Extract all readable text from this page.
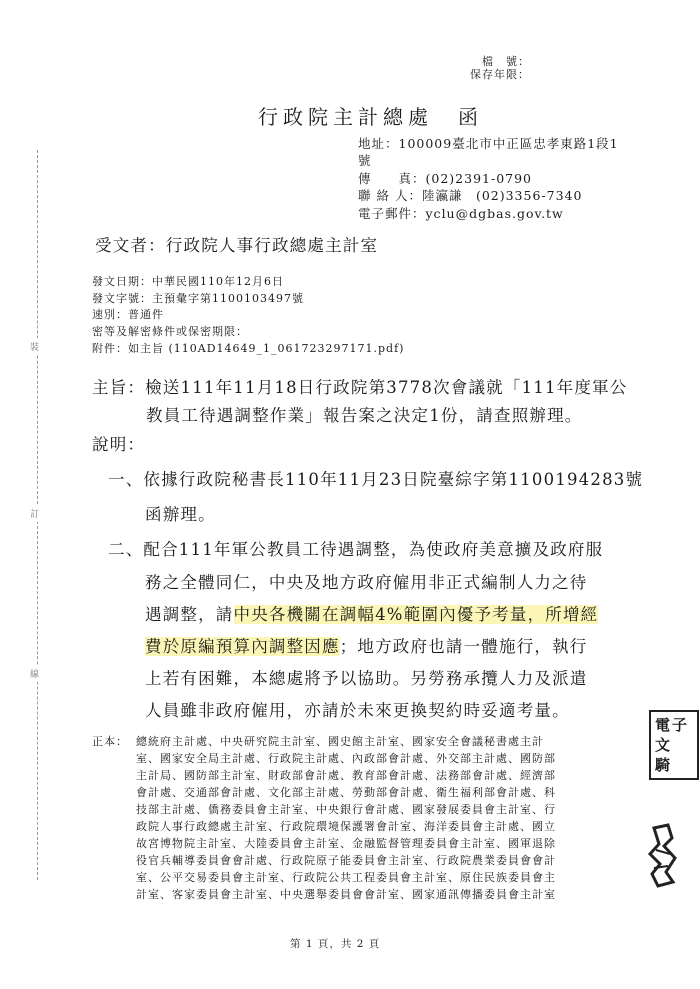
裝
訂
線
檔　號：
保存年限：
行政院主計總處　函
地址：100009臺北市中正區忠孝東路1段1
號
傳　　真：(02)2391-0790
聯 絡 人：陸瀛謙　(02)3356-7340
電子郵件：yclu@dgbas.gov.tw
受文者：行政院人事行政總處主計室
發文日期：中華民國110年12月6日
發文字號：主預彙字第1100103497號
速別：普通件
密等及解密條件或保密期限：
附件：如主旨 (110AD14649_1_061723297171.pdf)
主旨：檢送111年11月18日行政院第3778次會議就「111年度軍公
教員工待遇調整作業」報告案之決定1份，請查照辦理。
說明：
一、依據行政院秘書長110年11月23日院臺綜字第1100194283號
函辦理。
二、配合111年軍公教員工待遇調整，為使政府美意擴及政府服
務之全體同仁，中央及地方政府僱用非正式編制人力之待
遇調整，請中央各機關在調幅4%範圍內優予考量，所增經
費於原編預算內調整因應；地方政府也請一體施行，執行
上若有困難，本總處將予以協助。另勞務承攬人力及派遣
人員雖非政府僱用，亦請於未來更換契約時妥適考量。
正本： 總統府主計處、中央研究院主計室、國史館主計室、國家安全會議秘書處主計
室、國家安全局主計處、行政院主計處、內政部會計處、外交部主計處、國防部
主計局、國防部主計室、財政部會計處、教育部會計處、法務部會計處、經濟部
會計處、交通部會計處、文化部主計處、勞動部會計處、衛生福利部會計處、科
技部主計處、僑務委員會主計室、中央銀行會計處、國家發展委員會主計室、行
政院人事行政總處主計室、行政院環境保護署會計室、海洋委員會主計處、國立
故宮博物院主計室、大陸委員會主計室、金融監督管理委員會主計室、國軍退除
役官兵輔導委員會會計處、行政院原子能委員會主計室、行政院農業委員會會計
室、公平交易委員會主計室、行政院公共工程委員會主計室、原住民族委員會主
計室、客家委員會主計室、中央選舉委員會會計室、國家通訊傳播委員會主計室
電子
文　
騎　
第 1 頁，共 2 頁
